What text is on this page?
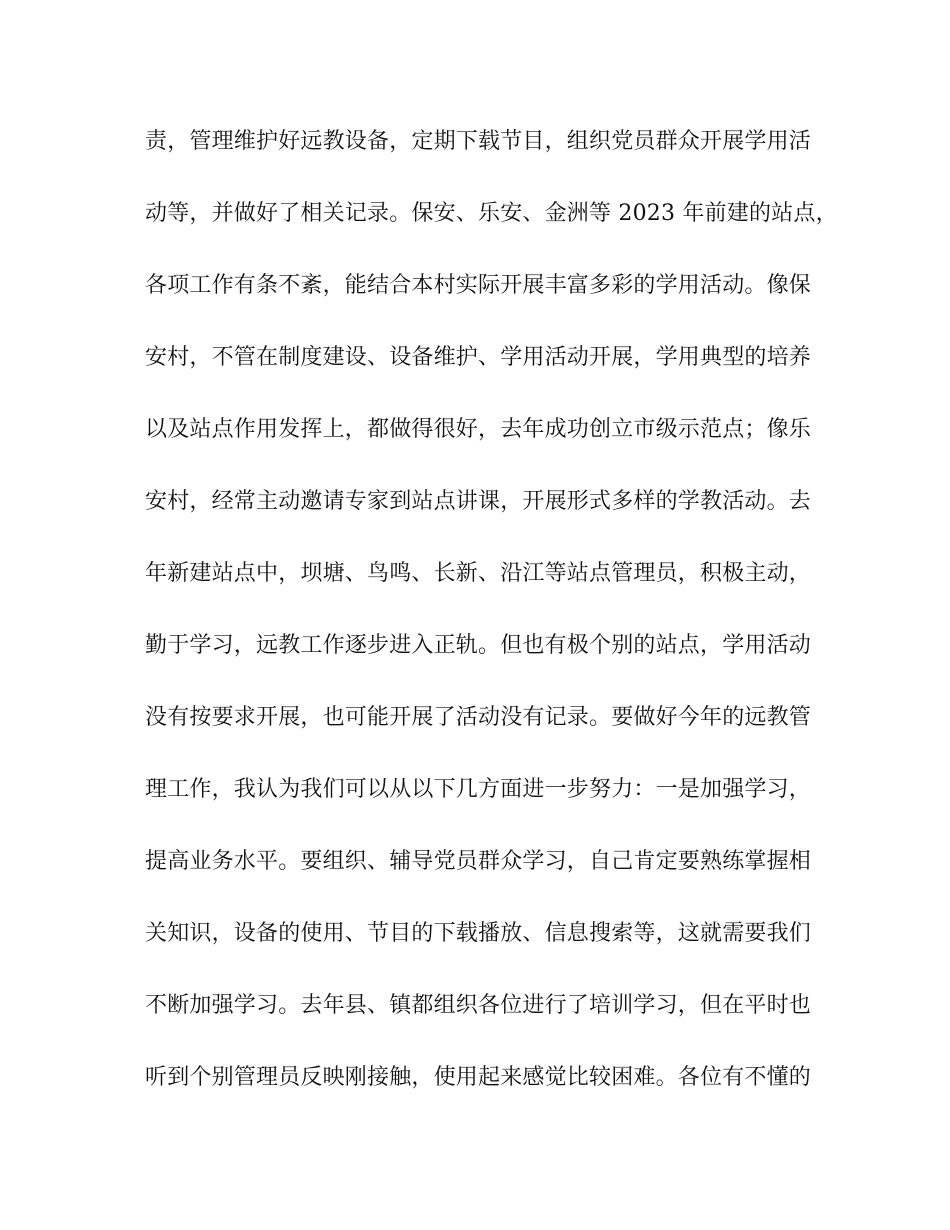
责，管理维护好远教设备，定期下载节目，组织党员群众开展学用活
动等，并做好了相关记录。保安、乐安、金洲等 2023 年前建的站点，
各项工作有条不紊，能结合本村实际开展丰富多彩的学用活动。像保
安村，不管在制度建设、设备维护、学用活动开展，学用典型的培养
以及站点作用发挥上，都做得很好，去年成功创立市级示范点；像乐
安村，经常主动邀请专家到站点讲课，开展形式多样的学教活动。去
年新建站点中，坝塘、鸟鸣、长新、沿江等站点管理员，积极主动，
勤于学习，远教工作逐步进入正轨。但也有极个别的站点，学用活动
没有按要求开展，也可能开展了活动没有记录。要做好今年的远教管
理工作，我认为我们可以从以下几方面进一步努力：一是加强学习，
提高业务水平。要组织、辅导党员群众学习，自己肯定要熟练掌握相
关知识，设备的使用、节目的下载播放、信息搜索等，这就需要我们
不断加强学习。去年县、镇都组织各位进行了培训学习，但在平时也
听到个别管理员反映刚接触，使用起来感觉比较困难。各位有不懂的
